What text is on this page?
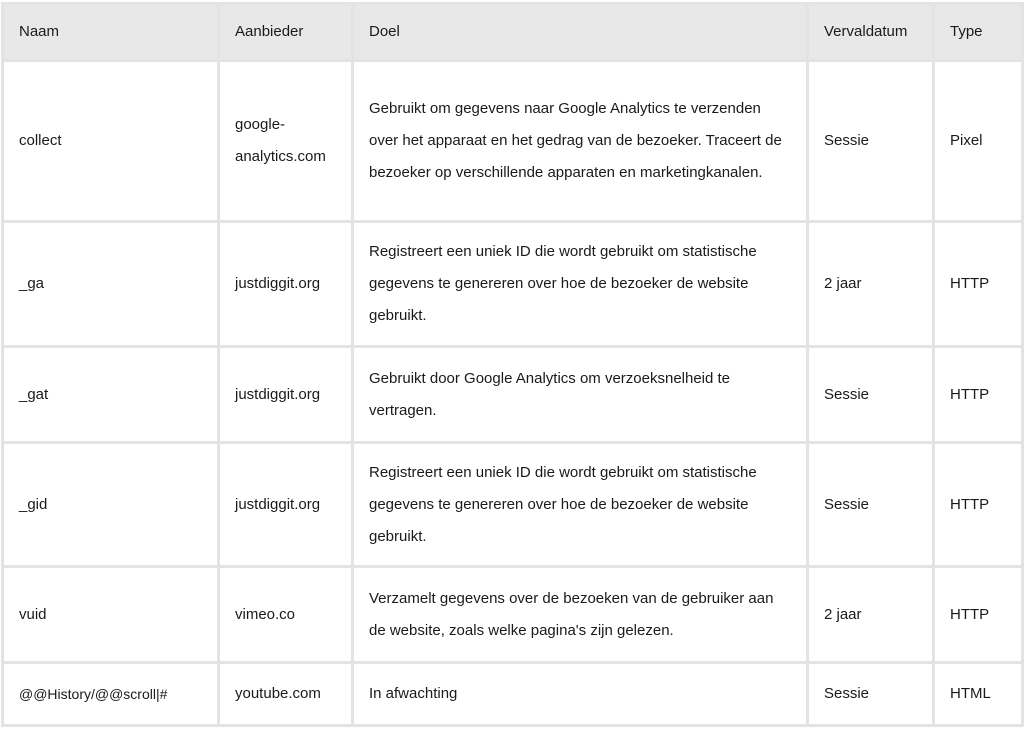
Naam	Aanbieder	Doel	Vervaldatum	Type
collect	google-analytics.com	Gebruikt om gegevens naar Google Analytics te verzenden over het apparaat en het gedrag van de bezoeker. Traceert de bezoeker op verschillende apparaten en marketingkanalen.	Sessie	Pixel
_ga	justdiggit.org	Registreert een uniek ID die wordt gebruikt om statistische gegevens te genereren over hoe de bezoeker de website gebruikt.	2 jaar	HTTP
_gat	justdiggit.org	Gebruikt door Google Analytics om verzoeksnelheid te vertragen.	Sessie	HTTP
_gid	justdiggit.org	Registreert een uniek ID die wordt gebruikt om statistische gegevens te genereren over hoe de bezoeker de website gebruikt.	Sessie	HTTP
vuid	vimeo.co	Verzamelt gegevens over de bezoeken van de gebruiker aan de website, zoals welke pagina's zijn gelezen.	2 jaar	HTTP
@@History/@@scroll|#	youtube.com	In afwachting	Sessie	HTML
